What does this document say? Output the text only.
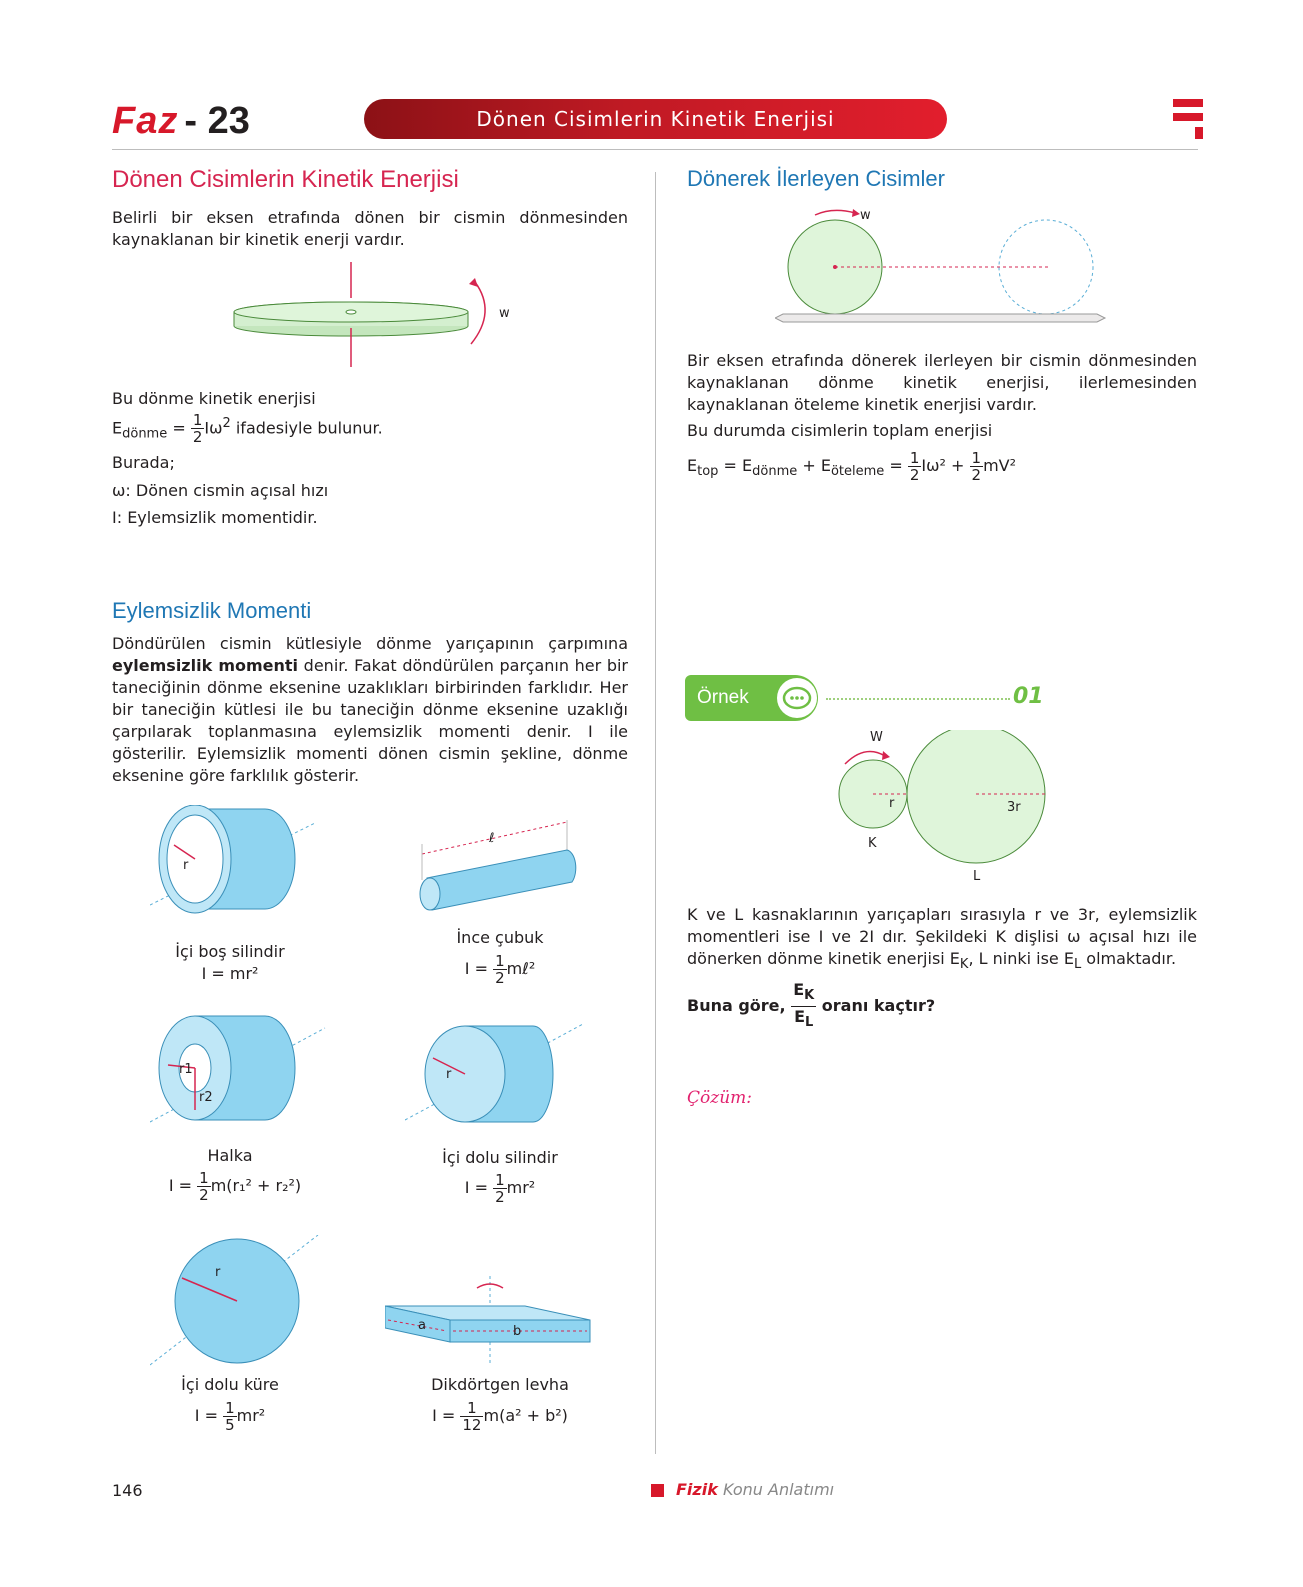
Faz - 23	Dönen Cisimlerin Kinetik Enerjisi
Dönen Cisimlerin Kinetik Enerjisi
Belirli bir eksen etrafında dönen bir cismin dönmesinden kaynaklanan bir kinetik enerji vardır.
w
Bu dönme kinetik enerjisi
$E_{dönme} = \frac{1}{2} I\omega^2$ ifadesiyle bulunur.
Burada;
ω: Dönen cismin açısal hızı
I: Eylemsizlik momentidir.
Eylemsizlik Momenti
Döndürülen cismin kütlesiyle dönme yarıçapının çarpımına eylemsizlik momenti denir. Fakat döndürülen parçanın her bir taneciğinin dönme eksenine uzaklıkları birbirinden farklıdır. Her bir taneciğin kütlesi ile bu taneciğin dönme eksenine uzaklığı çarpılarak toplanmasına eylemsizlik momenti denir. I ile gösterilir. Eylemsizlik momenti dönen cismin şekline, dönme eksenine göre farklılık gösterir.
r
İçi boş silindir
I = mr²
ℓ
İnce çubuk
$I = \frac{1}{2}$ mℓ²
r1
r2
Halka
$I = \frac{1}{2} m(r_1^2 + r_2^2)$
r
İçi dolu silindir
$I = \frac{1}{2} mr^2$
r
İçi dolu küre
$I = \frac{1}{5} mr^2$
a	b
Dikdörtgen levha
$I = \frac{1}{12} m(a^2 + b^2)$
Dönerek İlerleyen Cisimler
w
Bir eksen etrafında dönerek ilerleyen bir cismin dönmesinden kaynaklanan dönme kinetik enerjisi, ilerlemesinden kaynaklanan öteleme kinetik enerjisi vardır.
Bu durumda cisimlerin toplam enerjisi
$E_{top} = E_{dönme} + E_{öteleme} = \frac{1}{2} I\omega^2 + \frac{1}{2} mV^2$
Örnek	01
W
r	3r
K
L
K ve L kasnaklarının yarıçapları sırasıyla r ve 3r, eylemsizlik momentleri ise I ve 2I dır. Şekildeki K dişlisi ω açısal hızı ile dönerken dönme kinetik enerjisi $E_K$, L ninki ise $E_L$ olmaktadır.
Buna göre, $\frac{E_K}{E_L}$ oranı kaçtır?
Çözüm:
146	Fizik Konu Anlatımı
